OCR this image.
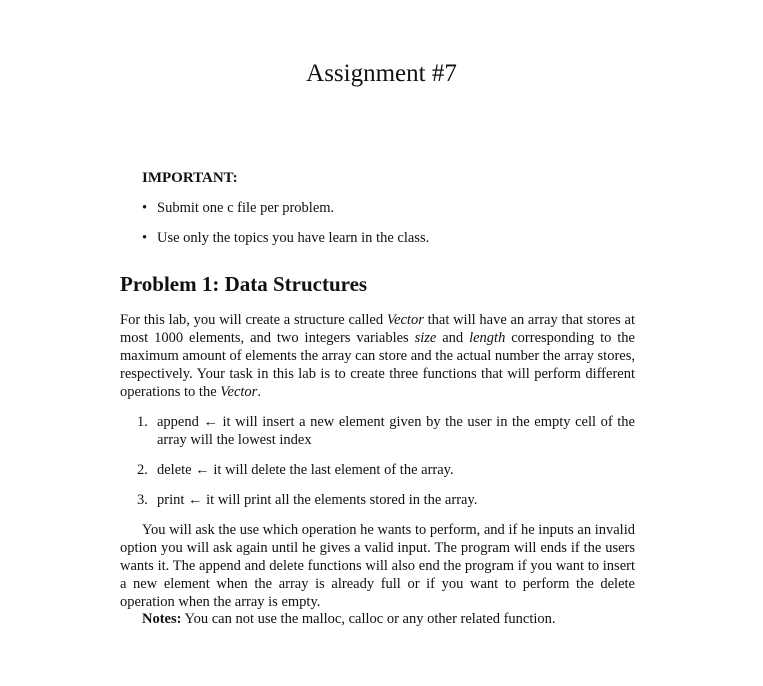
Assignment #7
IMPORTANT:
• Submit one c file per problem.
• Use only the topics you have learn in the class.
Problem 1: Data Structures

For this lab, you will create a structure called Vector that will have an array that stores at most 1000 elements, and two integers variables size and length corresponding to the maximum amount of elements the array can store and the actual number the array stores, respectively. Your task in this lab is to create three functions that will perform different operations to the Vector.

1. append ← it will insert a new element given by the user in the empty cell of the array will the lowest index
2. delete ← it will delete the last element of the array.
3. print ← it will print all the elements stored in the array.

You will ask the use which operation he wants to perform, and if he inputs an invalid option you will ask again until he gives a valid input. The program will ends if the users wants it. The append and delete functions will also end the program if you want to insert a new element when the array is already full or if you want to perform the delete operation when the array is empty.

Notes: You can not use the malloc, calloc or any other related function.
